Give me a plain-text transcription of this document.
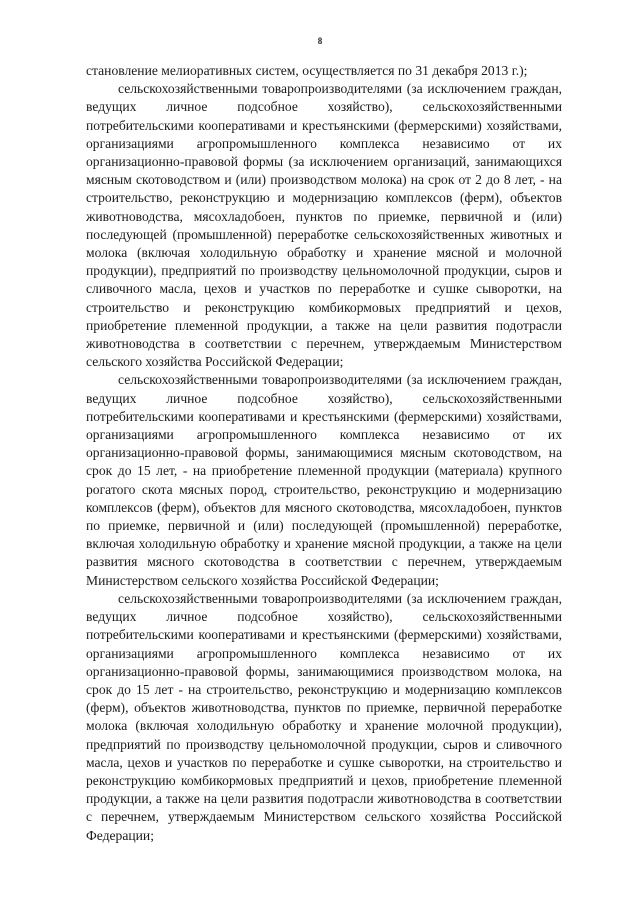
8

становление мелиоративных систем, осуществляется по 31 декабря 2013 г.);

сельскохозяйственными товаропроизводителями (за исключением граждан, ведущих личное подсобное хозяйство), сельскохозяйственными потребительскими кооперативами и крестьянскими (фермерскими) хозяйствами, организациями агропромышленного комплекса независимо от их организационно-правовой формы (за исключением организаций, занимающихся мясным скотоводством и (или) производством молока) на срок от 2 до 8 лет, - на строительство, реконструкцию и модернизацию комплексов (ферм), объектов животноводства, мясохладобоен, пунктов по приемке, первичной и (или) последующей (промышленной) переработке сельскохозяйственных животных и молока (включая холодильную обработку и хранение мясной и молочной продукции), предприятий по производству цельномолочной продукции, сыров и сливочного масла, цехов и участков по переработке и сушке сыворотки, на строительство и реконструкцию комбикормовых предприятий и цехов, приобретение племенной продукции, а также на цели развития подотрасли животноводства в соответствии с перечнем, утверждаемым Министерством сельского хозяйства Российской Федерации;

сельскохозяйственными товаропроизводителями (за исключением граждан, ведущих личное подсобное хозяйство), сельскохозяйственными потребительскими кооперативами и крестьянскими (фермерскими) хозяйствами, организациями агропромышленного комплекса независимо от их организационно-правовой формы, занимающимися мясным скотоводством, на срок до 15 лет, - на приобретение племенной продукции (материала) крупного рогатого скота мясных пород, строительство, реконструкцию и модернизацию комплексов (ферм), объектов для мясного скотоводства, мясохладобоен, пунктов по приемке, первичной и (или) последующей (промышленной) переработке, включая холодильную обработку и хранение мясной продукции, а также на цели развития мясного скотоводства в соответствии с перечнем, утверждаемым Министерством сельского хозяйства Российской Федерации;

сельскохозяйственными товаропроизводителями (за исключением граждан, ведущих личное подсобное хозяйство), сельскохозяйственными потребительскими кооперативами и крестьянскими (фермерскими) хозяйствами, организациями агропромышленного комплекса независимо от их организационно-правовой формы, занимающимися производством молока, на срок до 15 лет - на строительство, реконструкцию и модернизацию комплексов (ферм), объектов животноводства, пунктов по приемке, первичной переработке молока (включая холодильную обработку и хранение молочной продукции), предприятий по производству цельномолочной продукции, сыров и сливочного масла, цехов и участков по переработке и сушке сыворотки, на строительство и реконструкцию комбикормовых предприятий и цехов, приобретение племенной продукции, а также на цели развития подотрасли животноводства в соответствии с перечнем, утверждаемым Министерством сельского хозяйства Российской Федерации;
